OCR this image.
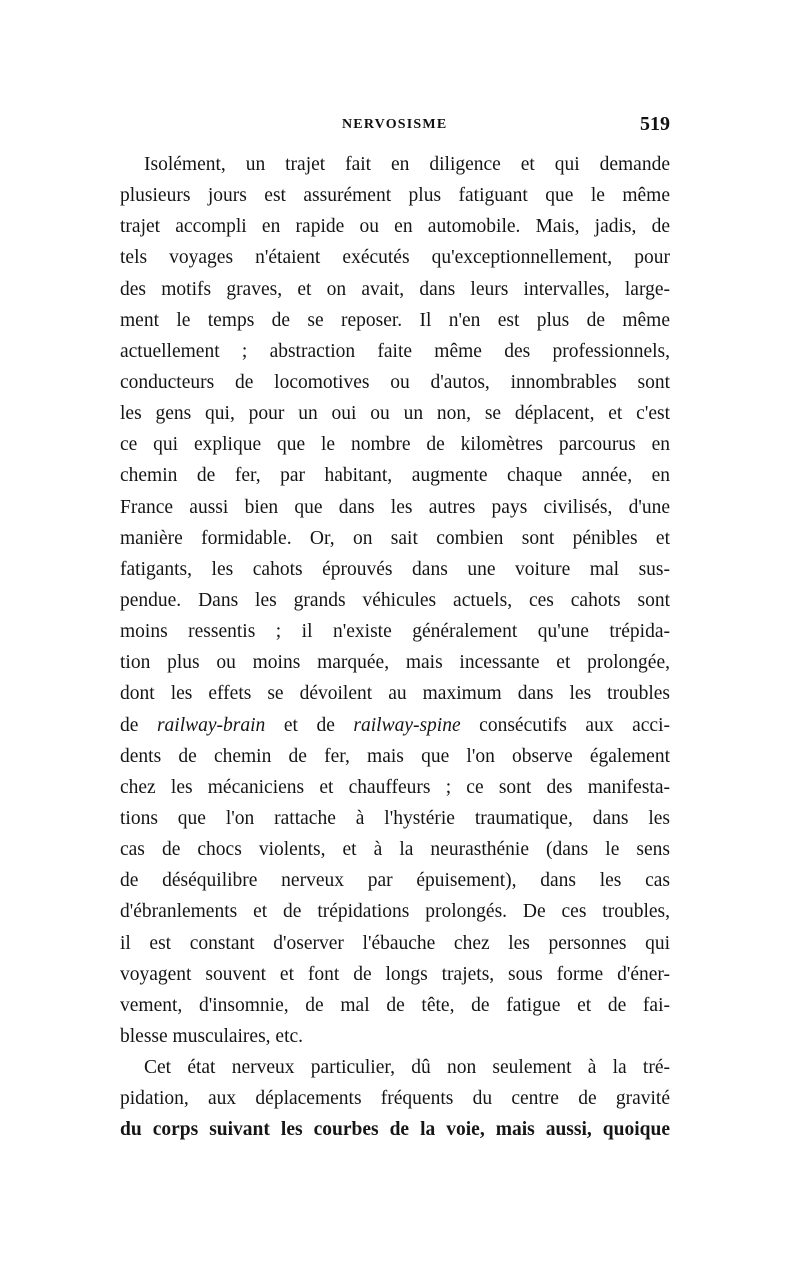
NERVOSISME	519
Isolément, un trajet fait en diligence et qui demande
plusieurs jours est assurément plus fatiguant que le même
trajet accompli en rapide ou en automobile. Mais, jadis, de
tels voyages n'étaient exécutés qu'exceptionnellement, pour
des motifs graves, et on avait, dans leurs intervalles, large-
ment le temps de se reposer. Il n'en est plus de même
actuellement ; abstraction faite même des professionnels,
conducteurs de locomotives ou d'autos, innombrables sont
les gens qui, pour un oui ou un non, se déplacent, et c'est
ce qui explique que le nombre de kilomètres parcourus en
chemin de fer, par habitant, augmente chaque année, en
France aussi bien que dans les autres pays civilisés, d'une
manière formidable. Or, on sait combien sont pénibles et
fatigants, les cahots éprouvés dans une voiture mal sus-
pendue. Dans les grands véhicules actuels, ces cahots sont
moins ressentis ; il n'existe généralement qu'une trépida-
tion plus ou moins marquée, mais incessante et prolongée,
dont les effets se dévoilent au maximum dans les troubles
de railway-brain et de railway-spine consécutifs aux acci-
dents de chemin de fer, mais que l'on observe également
chez les mécaniciens et chauffeurs ; ce sont des manifesta-
tions que l'on rattache à l'hystérie traumatique, dans les
cas de chocs violents, et à la neurasthénie (dans le sens
de déséquilibre nerveux par épuisement), dans les cas
d'ébranlements et de trépidations prolongés. De ces troubles,
il est constant d'oserver l'ébauche chez les personnes qui
voyagent souvent et font de longs trajets, sous forme d'éner-
vement, d'insomnie, de mal de tête, de fatigue et de fai-
blesse musculaires, etc.
Cet état nerveux particulier, dû non seulement à la tré-
pidation, aux déplacements fréquents du centre de gravité
du corps suivant les courbes de la voie, mais aussi, quoique
